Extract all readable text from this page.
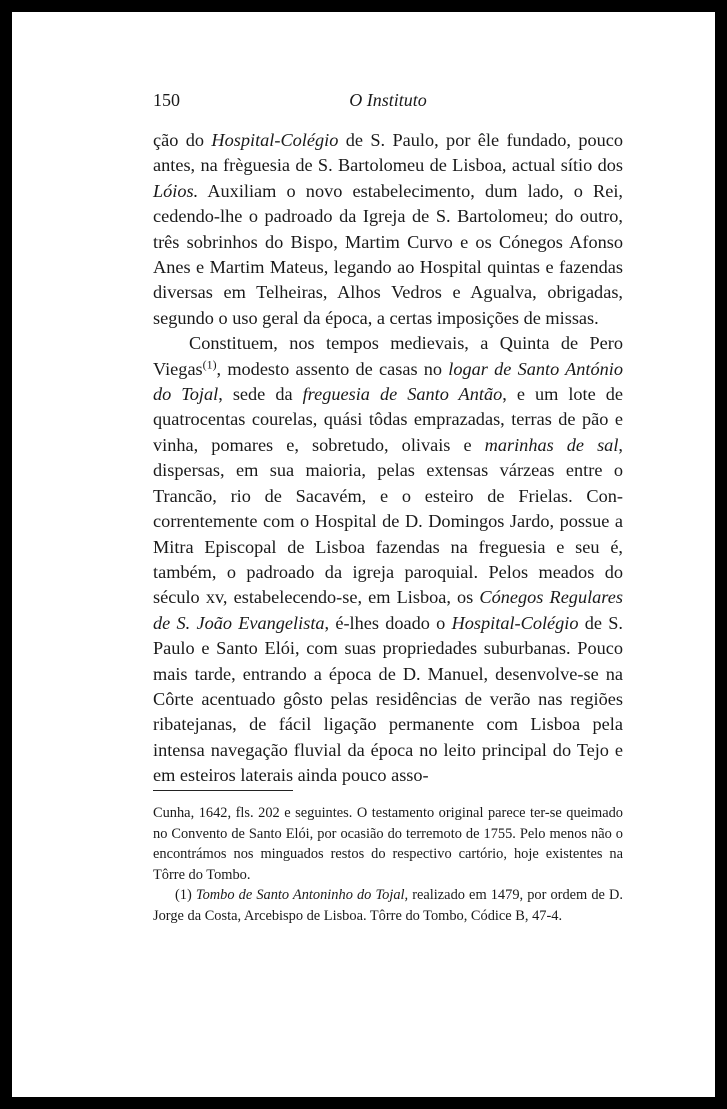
150	O Instituto

ção do Hospital-Colégio de S. Paulo, por êle fundado, pouco antes, na frèguesia de S. Bartolomeu de Lisboa, actual sítio dos Lóios. Auxiliam o novo estabelecimento, dum lado, o Rei, cedendo-lhe o padroado da Igreja de S. Bartolomeu; do outro, três sobrinhos do Bispo, Martim Curvo e os Cónegos Afonso Anes e Martim Mateus, legando ao Hospital quintas e fazendas diversas em Telheiras, Alhos Vedros e Agualva, obrigadas, segundo o uso geral da época, a certas imposições de missas.

Constituem, nos tempos medievais, a Quinta de Pero Viegas$^{(1)}$, modesto assento de casas no logar de Santo António do Tojal, sede da freguesia de Santo Antão, e um lote de quatrocentas courelas, quási tôdas emprazadas, terras de pão e vinha, pomares e, sobretudo, olivais e marinhas de sal, dispersas, em sua maioria, pelas extensas várzeas entre o Trancão, rio de Sacavém, e o esteiro de Frielas. Concorrentemente com o Hospital de D. Domingos Jardo, possue a Mitra Episcopal de Lisboa fazendas na freguesia e seu é, também, o padroado da igreja paroquial. Pelos meados do século xv, estabelecendo-se, em Lisboa, os Cónegos Regulares de S. João Evangelista, é-lhes doado o Hospital-Colégio de S. Paulo e Santo Elói, com suas propriedades suburbanas. Pouco mais tarde, entrando a época de D. Manuel, desenvolve-se na Côrte acentuado gôsto pelas residências de verão nas regiões ribatejanas, de fácil ligação permanente com Lisboa pela intensa navegação fluvial da época no leito principal do Tejo e em esteiros laterais ainda pouco asso-

Cunha, 1642, fls. 202 e seguintes. O testamento original parece ter-se queimado no Convento de Santo Elói, por ocasião do terremoto de 1755. Pelo menos não o encontrámos nos minguados restos do respectivo cartório, hoje existentes na Tôrre do Tombo.

(1) Tombo de Santo Antoninho do Tojal, realizado em 1479, por ordem de D. Jorge da Costa, Arcebispo de Lisboa. Tôrre do Tombo, Códice B, 47-4.
